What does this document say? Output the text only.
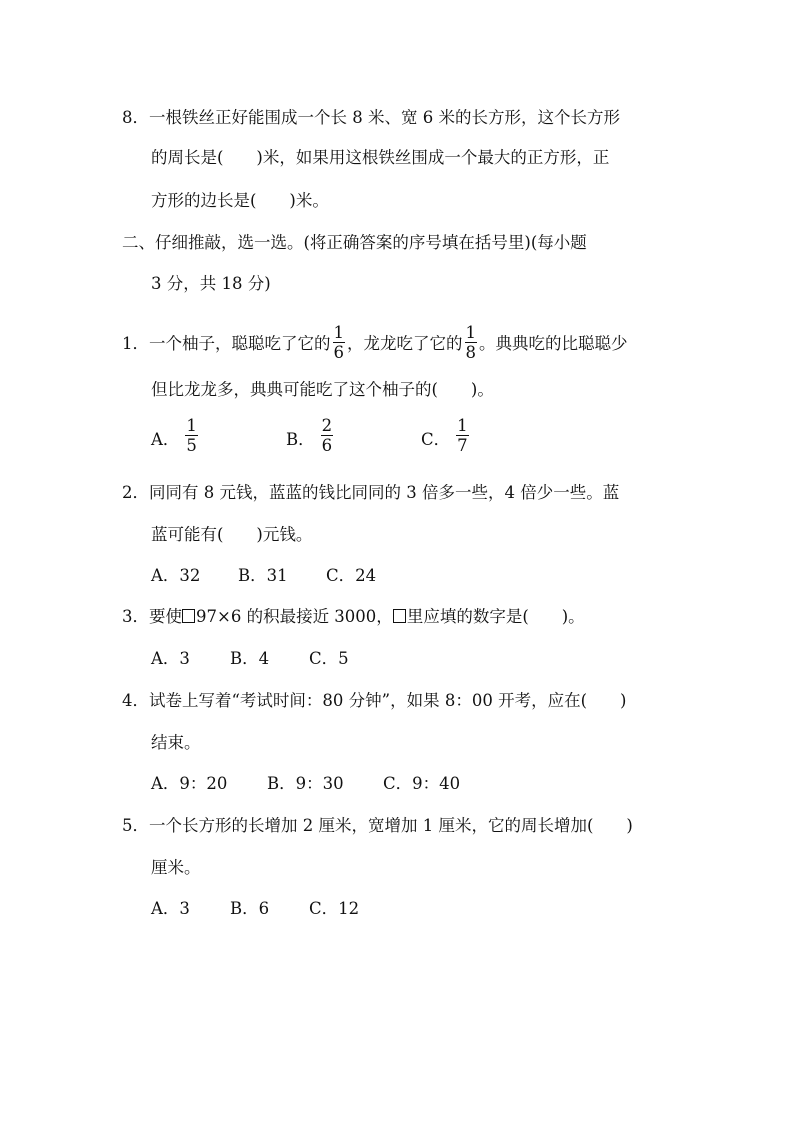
8．一根铁丝正好能围成一个长 8 米、宽 6 米的长方形，这个长方形
的周长是(　　)米，如果用这根铁丝围成一个最大的正方形，正
方形的边长是(　　)米。
二、仔细推敲，选一选。(将正确答案的序号填在括号里)(每小题
3 分，共 18 分)
1．一个柚子，聪聪吃了它的 $\frac{1}{6}$ ，龙龙吃了它的 $\frac{1}{8}$ 。典典吃的比聪聪少
但比龙龙多，典典可能吃了这个柚子的(　　)。
A． $\frac{1}{5}$	B． $\frac{2}{6}$	C． $\frac{1}{7}$
2．同同有 8 元钱，蓝蓝的钱比同同的 3 倍多一些，4 倍少一些。蓝
蓝可能有(　　)元钱。
A．32 B．31 C．24
3．要使 97×6 的积最接近 3000， 里应填的数字是(　　)。
A．3 B．4 C．5
4．试卷上写着“考试时间：80 分钟”，如果 8：00 开考，应在(　　)
结束。
A．9：20 B．9：30 C．9：40
5．一个长方形的长增加 2 厘米，宽增加 1 厘米，它的周长增加(　　)
厘米。
A．3 B．6 C．12
